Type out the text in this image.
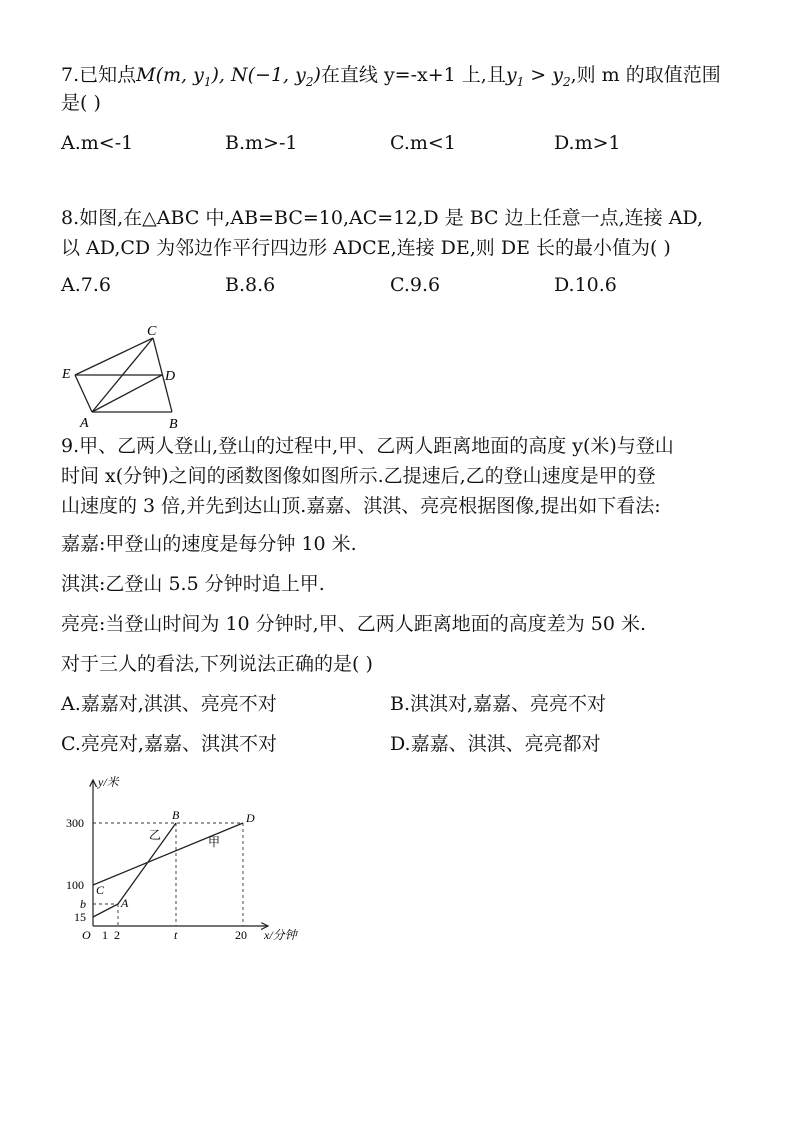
7.已知点M(m, $y_1$), N(−1, $y_2$)在直线 y=-x+1 上,且$y_1 > y_2$,则 m 的取值范围
是( )
A.m<-1	B.m>-1	C.m<1	D.m>1
8.如图,在△ABC 中,AB=BC=10,AC=12,D 是 BC 边上任意一点,连接 AD,
以 AD,CD 为邻边作平行四边形 ADCE,连接 DE,则 DE 长的最小值为( )
A.7.6	B.8.6	C.9.6	D.10.6
C
E	D
A	B
9.甲、乙两人登山,登山的过程中,甲、乙两人距离地面的高度 y(米)与登山
时间 x(分钟)之间的函数图像如图所示.乙提速后,乙的登山速度是甲的登
山速度的 3 倍,并先到达山顶.嘉嘉、淇淇、亮亮根据图像,提出如下看法:
嘉嘉:甲登山的速度是每分钟 10 米.
淇淇:乙登山 5.5 分钟时追上甲.
亮亮:当登山时间为 10 分钟时,甲、乙两人距离地面的高度差为 50 米.
对于三人的看法,下列说法正确的是( )
A.嘉嘉对,淇淇、亮亮不对	B.淇淇对,嘉嘉、亮亮不对
C.亮亮对,嘉嘉、淇淇不对	D.嘉嘉、淇淇、亮亮都对
y/米
300
100
b
15
O 1 2	t	20 x/分钟
B	D
C
A
乙	甲
